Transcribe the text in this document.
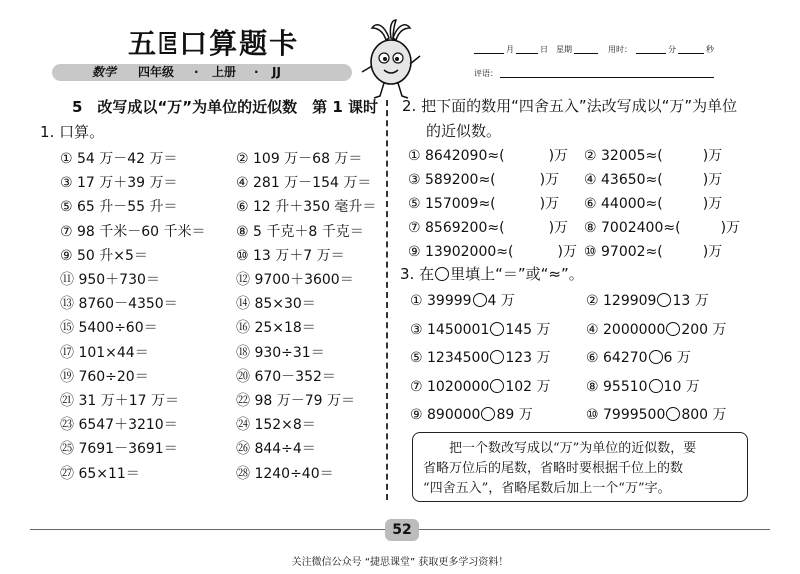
五E口算题卡
数学 四年级 · 上册 · JJ
月	日 星期	用时：	分	秒
评语：
5　改写成以“万”为单位的近似数　第 1 课时
1. 口算。
① 54 万－42 万＝	② 109 万－68 万＝
③ 17 万＋39 万＝	④ 281 万－154 万＝
⑤ 65 升－55 升＝	⑥ 12 升＋350 毫升＝
⑦ 98 千米－60 千米＝ ⑧ 5 千克＋8 千克＝
⑨ 50 升×5＝	⑩ 13 万＋7 万＝
⑪ 950＋730＝	⑫ 9700＋3600＝
⑬ 8760－4350＝	⑭ 85×30＝
⑮ 5400÷60＝	⑯ 25×18＝
⑰ 101×44＝	⑱ 930÷31＝
⑲ 760÷20＝	⑳ 670－352＝
㉑ 31 万＋17 万＝	㉒ 98 万－79 万＝
㉓ 6547＋3210＝	㉔ 152×8＝
㉕ 7691－3691＝	㉖ 844÷4＝
㉗ 65×11＝	㉘ 1240÷40＝
2. 把下面的数用“四舍五入”法改写成以“万”为单位
的近似数。
① 8642090≈(	)万 ② 32005≈(	)万
③ 589200≈(	)万 ④ 43650≈(	)万
⑤ 157009≈(	)万 ⑥ 44000≈(	)万
⑦ 8569200≈(	)万 ⑧ 7002400≈(	)万
⑨ 13902000≈(	)万 ⑩ 97002≈(	)万
3. 在 里填上“＝”或“≈”。
① 39999 4 万	② 129909 13 万
③ 1450001 145 万	④ 2000000 200 万
⑤ 1234500 123 万	⑥ 64270 6 万
⑦ 1020000 102 万	⑧ 95510 10 万
⑨ 890000 89 万	⑩ 7999500 800 万
把一个数改写成以“万”为单位的近似数，要
省略万位后的尾数，省略时要根据千位上的数
“四舍五入”，省略尾数后加上一个“万”字。
52
关注微信公众号 “捷思课堂” 获取更多学习资料！
